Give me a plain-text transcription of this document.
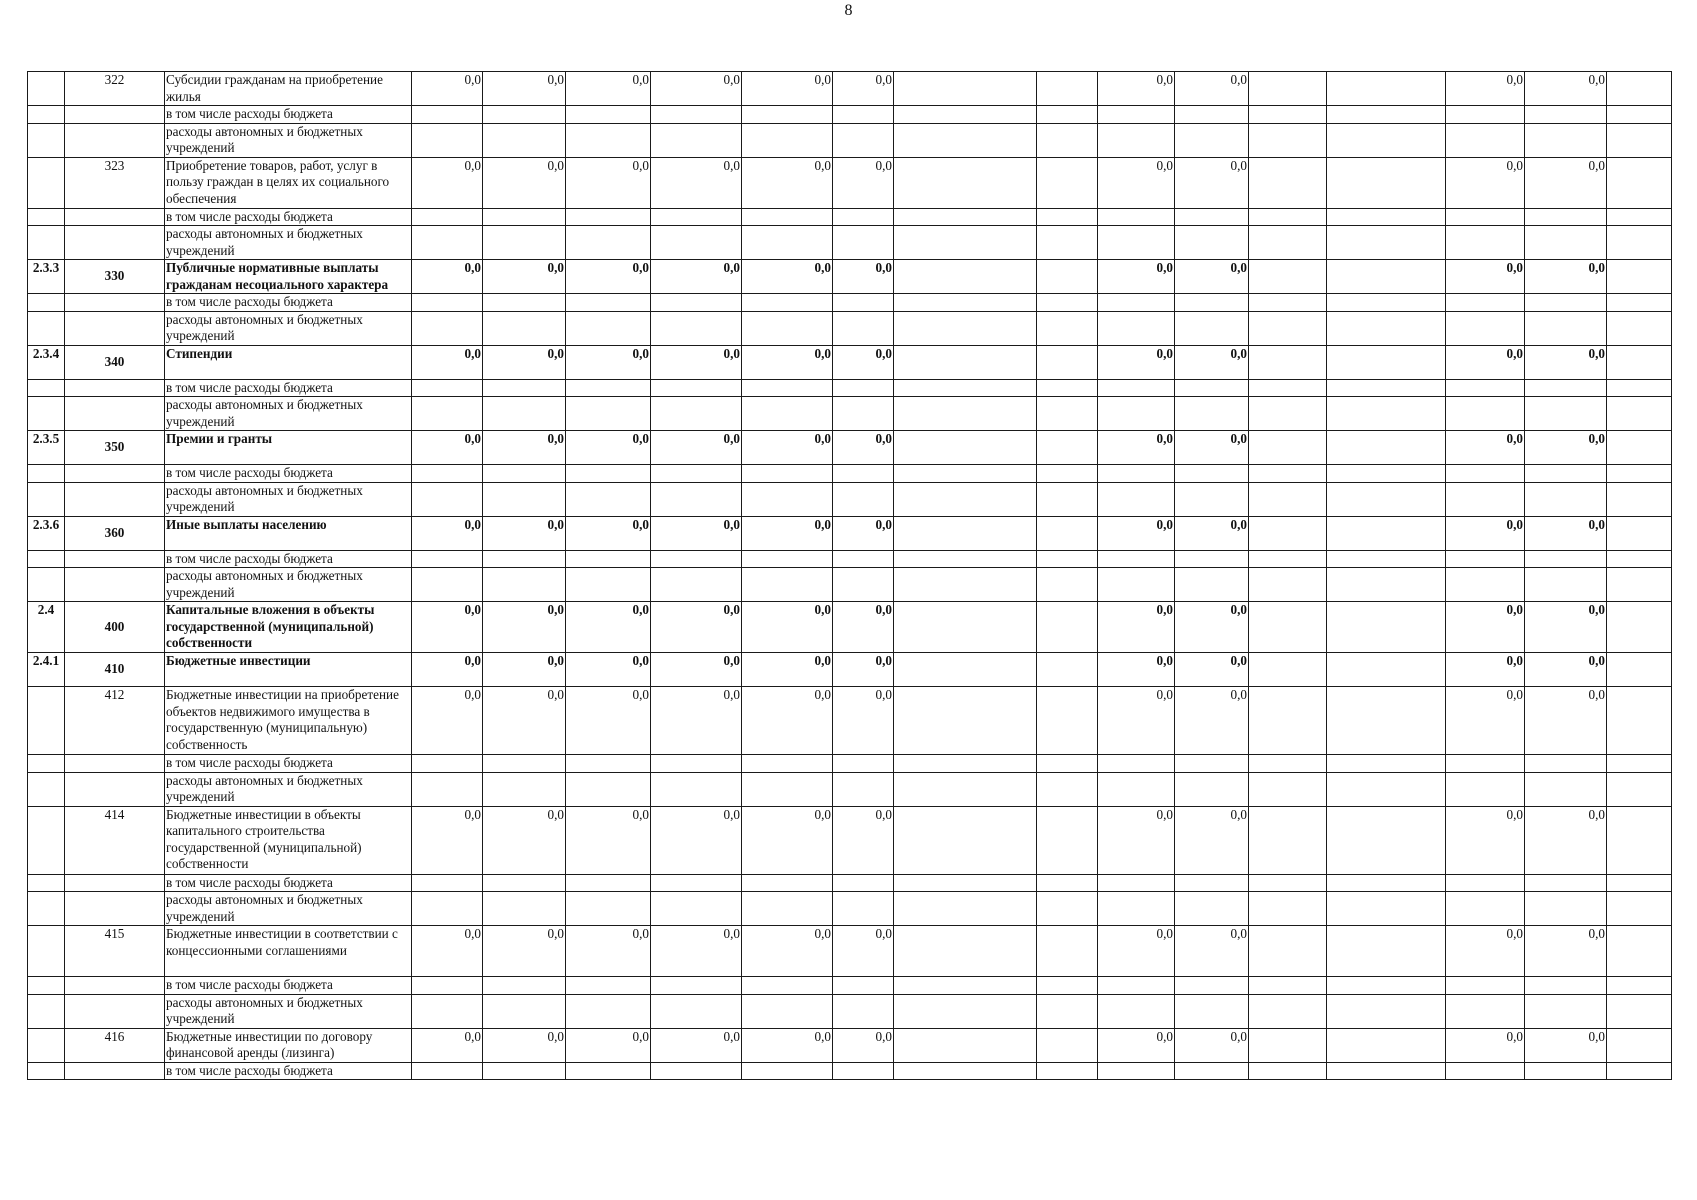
8
	322	Субсидии гражданам на приобретение жилья	0,0	0,0	0,0	0,0	0,0	0,0			0,0	0,0			0,0	0,0	
		в том числе расходы бюджета															
		расходы автономных и бюджетных учреждений															
	323	Приобретение товаров, работ, услуг в пользу граждан в целях их социального обеспечения	0,0	0,0	0,0	0,0	0,0	0,0			0,0	0,0			0,0	0,0	
		в том числе расходы бюджета															
		расходы автономных и бюджетных учреждений															
2.3.3	330	Публичные нормативные выплаты гражданам несоциального характера	0,0	0,0	0,0	0,0	0,0	0,0			0,0	0,0			0,0	0,0	
		в том числе расходы бюджета															
		расходы автономных и бюджетных учреждений															
2.3.4	340	Стипендии	0,0	0,0	0,0	0,0	0,0	0,0			0,0	0,0			0,0	0,0	
		в том числе расходы бюджета															
		расходы автономных и бюджетных учреждений															
2.3.5	350	Премии и гранты	0,0	0,0	0,0	0,0	0,0	0,0			0,0	0,0			0,0	0,0	
		в том числе расходы бюджета															
		расходы автономных и бюджетных учреждений															
2.3.6	360	Иные выплаты населению	0,0	0,0	0,0	0,0	0,0	0,0			0,0	0,0			0,0	0,0	
		в том числе расходы бюджета															
		расходы автономных и бюджетных учреждений															
2.4	400	Капитальные вложения в объекты государственной (муниципальной) собственности	0,0	0,0	0,0	0,0	0,0	0,0			0,0	0,0			0,0	0,0	
2.4.1	410	Бюджетные инвестиции	0,0	0,0	0,0	0,0	0,0	0,0			0,0	0,0			0,0	0,0	
	412	Бюджетные инвестиции на приобретение объектов недвижимого имущества в государственную (муниципальную) собственность	0,0	0,0	0,0	0,0	0,0	0,0			0,0	0,0			0,0	0,0	
		в том числе расходы бюджета															
		расходы автономных и бюджетных учреждений															
	414	Бюджетные инвестиции в объекты капитального строительства государственной (муниципальной) собственности	0,0	0,0	0,0	0,0	0,0	0,0			0,0	0,0			0,0	0,0	
		в том числе расходы бюджета															
		расходы автономных и бюджетных учреждений															
	415	Бюджетные инвестиции в соответствии с концессионными соглашениями	0,0	0,0	0,0	0,0	0,0	0,0			0,0	0,0			0,0	0,0	
		в том числе расходы бюджета															
		расходы автономных и бюджетных учреждений															
	416	Бюджетные инвестиции по договору финансовой аренды (лизинга)	0,0	0,0	0,0	0,0	0,0	0,0			0,0	0,0			0,0	0,0	
		в том числе расходы бюджета															
